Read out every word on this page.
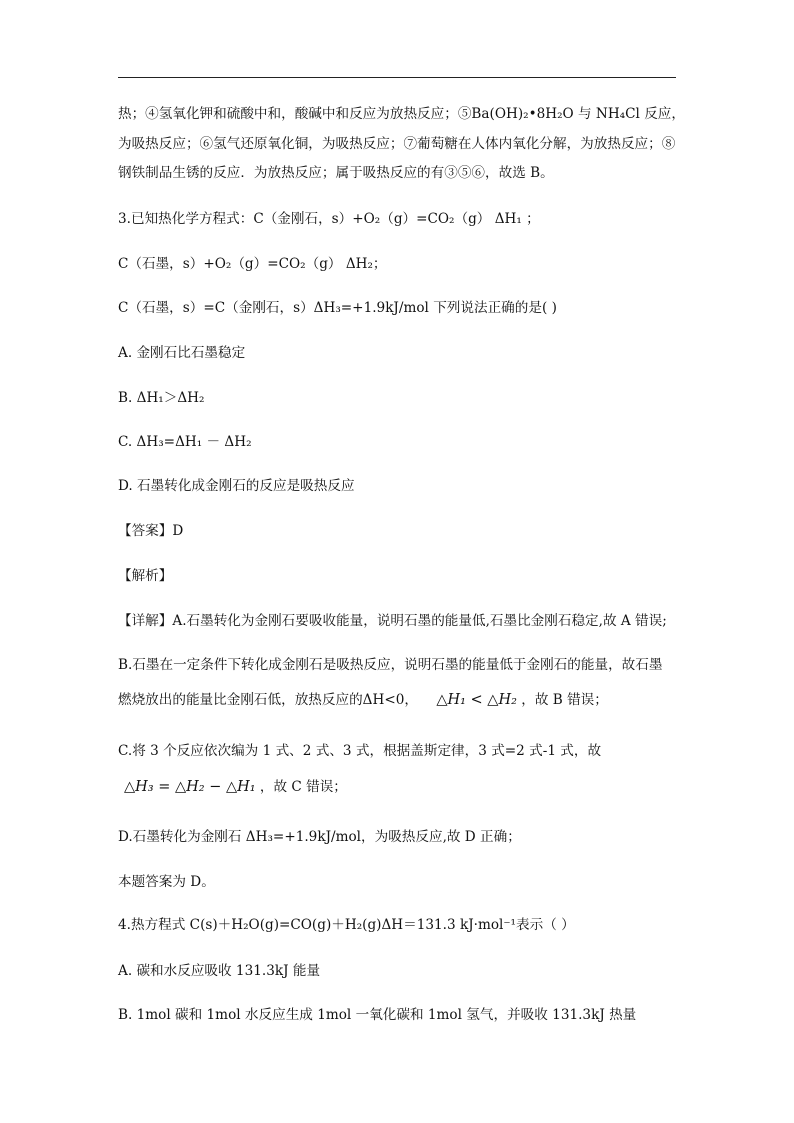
热；④氢氧化钾和硫酸中和，酸碱中和反应为放热反应；⑤Ba(OH)₂•8H₂O 与 NH₄Cl 反应，
为吸热反应；⑥氢气还原氧化铜，为吸热反应；⑦葡萄糖在人体内氧化分解，为放热反应；⑧
钢铁制品生锈的反应．为放热反应；属于吸热反应的有③⑤⑥，故选 B。
3.已知热化学方程式：C（金刚石，s）+O₂（g）=CO₂（g） ΔH₁ ；
C（石墨，s）+O₂（g）=CO₂（g） ΔH₂；
C（石墨，s）=C（金刚石，s）ΔH₃=+1.9kJ/mol 下列说法正确的是( )
A. 金刚石比石墨稳定
B. ΔH₁＞ΔH₂
C. ΔH₃=ΔH₁ － ΔH₂
D. 石墨转化成金刚石的反应是吸热反应
【答案】D
【解析】
【详解】A.石墨转化为金刚石要吸收能量，说明石墨的能量低,石墨比金刚石稳定,故 A 错误;
B.石墨在一定条件下转化成金刚石是吸热反应，说明石墨的能量低于金刚石的能量，故石墨
燃烧放出的能量比金刚石低，放热反应的ΔH<0， △H₁ < △H₂ ，故 B 错误；
C.将 3 个反应依次编为 1 式、2 式、3 式，根据盖斯定律，3 式=2 式-1 式，故
△H₃ = △H₂ − △H₁ ，故 C 错误；
D.石墨转化为金刚石 ΔH₃=+1.9kJ/mol，为吸热反应,故 D 正确；
本题答案为 D。
4.热方程式 C(s)＋H₂O(g)=CO(g)＋H₂(g)ΔH＝131.3 kJ·mol⁻¹表示（ ）
A. 碳和水反应吸收 131.3kJ 能量
B. 1mol 碳和 1mol 水反应生成 1mol 一氧化碳和 1mol 氢气，并吸收 131.3kJ 热量
